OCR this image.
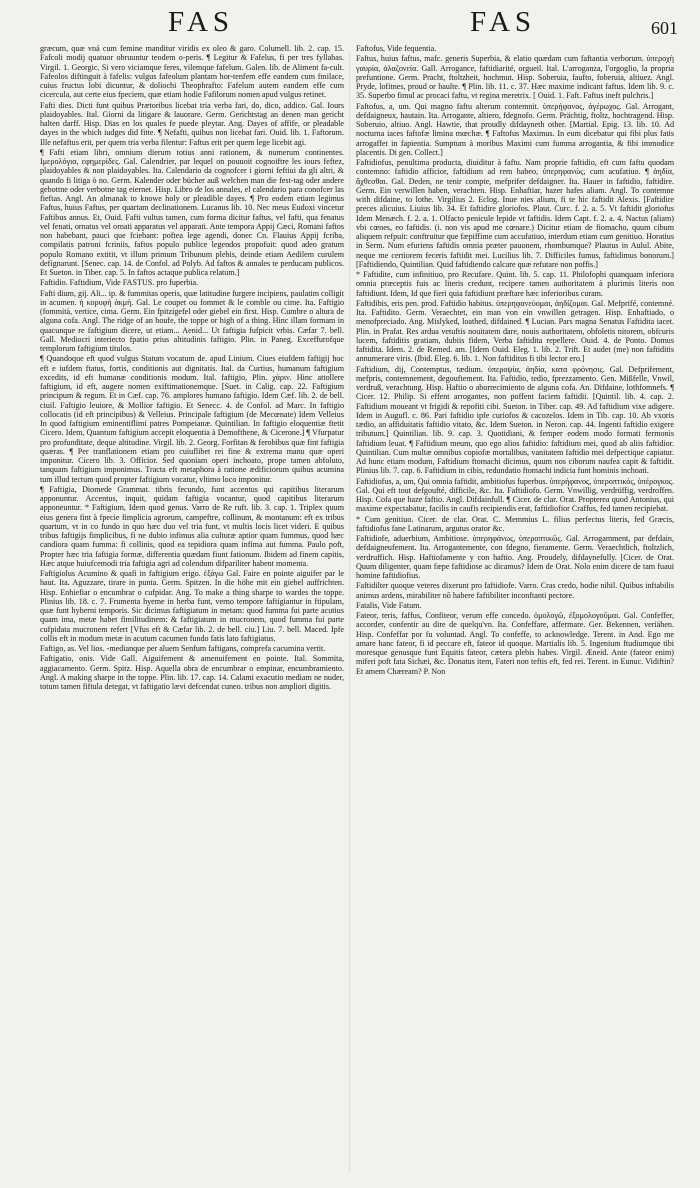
FAS	FAS	601

græcum, quæ vná cum femine manditur viridis ex oleo & garo. Columell. lib. 2. cap. 15. Fafcoli modij quatuor obruuntur teodem o-peris. ¶ Legitur & Fafelus, fi per tres fyllabas. Virgil. 1. Georgic. Si vero viciamque feres, vilemque fafelum. Galen. lib. de Aliment fa-cult. Fafeolos diftinguit à fafelis: vulgus fafeolum plantam hor-tenfem effe eandem cum fmilace, cuius fructus lobi dicuntur, & doliochi Theophrafto: Fafelum autem eandem effe cum cicercula, aut certe eius fpeciem, quæ etiam hodie Fafilorum nomen apud vulgus retinet.

Fafti dies. Dicti funt quibus Prætoribus licebat tria verba fari, do, dico, addico. Gal. Iours plaidoyables. Ital. Giorni da litigare & lauorare. Germ. Gerichtstag an denen man gericht halten darff. Hisp. Dias en los quales fe puede pleytar. Ang. Dayes of affife, or pleadable dayes in the which iudges did fitte. ¶ Nefafti, quibus non licebat fari. Ouid. lib. 1. Faftorum. Ille nefaftus erit, per quem tria verba filentur: Faftus erit per quem lege licebit agi.

¶ Fafti etiam libri, omnium dierum totius anni rationem, & numerum continentes. Ιμερολόγια, εφημερίδες. Gal. Calendrier, par lequel on pouuoit cognoiftre les iours feftez, plaidoyables & non plaidoyables. Ita. Calendario da cognofcer i giorni feftiui da gli altri, & quando fi litiga ò no. Germ. Kalender oder bücher auß welchen man die fest-tag oder andere gebottne oder verbotne tag eiernet. Hisp. Libro de los annales, el calendario para conofcer las fieftas. Angl. An almanak to knowe holy or pleadible dayes. ¶ Pro eodem etiam legimus Faftus, huius Faftus, per quartam declinationem. Lucanus lib. 10. Nec meus Eudoxi vincetur Faftibus annus. Et, Ouid. Fafti vultus tamen, cum forma dicitur faftus, vel fafti, qua fenatus vel fenati, ornatus vel ornati apparatus vel apparati. Ante tempora Appij Cæci, Romani faftos non habebant, pauci que fciebant: poftea lege agendi, donec Cn. Flauius Appij fcriba, compilatis patroni fcriniis, faftos populo publice legendos propofuit: quod adeo gratum populo Romano extitit, vt illum primum Tribunum plebis, deinde etiam Aedilem curulem defignarunt. [Senec. cap. 14. de Confol. ad Polyb. Ad faftos & annales te perducam publicos. Et Sueton. in Tiber. cap. 5. In faftos actaque publica relatum.]

Faftidio. Faftidium, Vide FASTUS. pro fuperbia.

Fafti dium, gij. Ali... ip. & fummitas operis, quæ latitudine furgere incipiens, paulatim colligit in acumen. ἡ κορυφὴ ἀκμὴ. Gal. Le coupet ou fommet & le comble ou cime. Ita. Faftigio (fommità, vertice, cima. Germ. Ein fpitzigefel oder giebel ein first. Hisp. Cumbre o altura de alguna cofa. Angl. The ridge of an houfe, the toppe or high of a thing. Hinc illam formam in quacunque re faftigium dicere, ut etiam... Aenid... Ut faftigia fufpicit vrbis. Cæfar 7. bell. Gall. Mediocri interiecto fpatio prius altitudinis faftigio. Plin. in Paneg. Exceffurofque templorum faftigium titulos.

¶ Quandoque eft quod vulgus Statum vocatum de. apud Linium. Ciues eiufdem faftigij hoc eft e iufdem ftatus, fortis, conditionis aut dignitatis. Ital. da Curtius, humanum faftigium excedits, id eft humanæ conditionis modum. Ital. faftigio, Plin. χάριν. Hinc attollere faftigium, id eft, augere nomen exiftimationemque. [Suet. in Calig. cap. 22. Faftigium principum & regum. Et in Cæf. cap. 76. amplores humano faftigio. Idem Cæf. lib. 2. de bell. ciuil. Faftigio leuiore, & Mollior faftigio. Et Senecc. 4. de Confol. ad Marc. In faftigio collocatis (id eft principibus) & Velleius. Principale faftigium (de Mecœnate) Idem Velleius In quod faftigium eminentiflimi patres Pompeianæ. Quintilian. In faftigio eloquentiæ ftetit Cicero. Idem, Quantum faftigium accepit eloquentia à Demofthene, & Cicerone.] ¶ Vfurpatur pro profunditate, deque altitudine. Virgil. lib. 2. Georg. Forfitan & ferobibus quæ fint faftigia quæras. ¶ Per tranflationem etiam pro cuiuflibet rei fine & extrema manu quæ operi imponitur. Cicero lib. 3. Officior. Sed quoniam operi inchoato, prope tamen abfoluto, tanquam faftigium imponimus. Tracta eft metaphora à ratione ædificiorum quibus acumina tum illud tectum quod propter faftigium vocatur, vltimo loco imponitur.

¶ Faftigia, Diomede Grammat. tibris fecundo, funt accentus qui capitibus literarum apponuntur. Accentus, inquit, quidam faftigia vocantur, quod capitibus literarum apponeuntur. * Faftigium, Idem quod genus. Varro de Re ruft. lib. 3. cap. 1. Triplex quum eius genera fint à fpecie fimplicia agrorum, campeftre, collinum, & montanum: eft ex tribus quartum, vt in co fundo in quo hæc duo vel tria funt, vt multis locis licet videri. E quibus tribus faftigijs fimplicibus, fi ne dubio infimus alia culturæ aptior quam fummus, quod hæc candiora quam fumma: fi collinis, quod ea tepidiora quam infima aut fumma. Paulo poft, Propter hæc tria faftigia formæ, differentia quædam fiunt fationum. Ibidem ad finem capitis, Hæc atque huiufcemodi tria faftigia agri ad colendum difpariliter habent momenta.

Faftigiolus Acumino & quafi in faftigium erigo. ἐξάγω Gal. Faire en pointe aiguifer par le haut. Ita. Aguzzare, tirare in punta. Germ. Spitzen. In die höhe mit ein giebel auffrichten. Hisp. Enhiefiar o encumbrar o cufpidar. Ang. To make a thing sharpe to wardes the toppe. Plinius lib. 18. c. 7. Frumenta hyeme in herba funt, verno tempore faftigiantur in ftipulam, quæ funt hyberni temporis. Sic dicimus faftigiatum in metam: quod fumma fui parte acutius quam ima, metæ habet fimilitudinem: & faftigiatum in mucronem, quod fumma fui parte cufpidata mucronem refert [Vfus eft & Cæfar lib. 2. de bell. ciu.] Liu. 7. bell. Maced. Ipfe collis eft in modum metæ in acutum cacumen fundo fatis lato faftigiatus.

Faftigo, as. Vel lios. -medianque per aluem Senfum faftigans, comprefa cacumina vertit.

Faftigatio, onis. Vide Gall. Aiguifement & amenuifement en pointe. Ital. Sommita, aggiacamento. Germ. Spitz. Hisp. Aquella obra de encumbrar o empinar, encumbramiento. Angl. A making sharpe in the toppe. Plin. lib. 17. cap. 14. Calami exacutio mediam ne nuder, totum tamen fiftula detegat, vt faftigatio lævi defcendat cuneo. tribus non ampliori digitis.

Faftofus, Vide fequentia.

Faftus, huius faftus, mafc. generis Superbia, & elatio quædam cum faftantia verborum. ὑπεροχὴ γαυρία, ἀλαζονεία. Gall. Arrogance, faftidiarité, orgueil. Ital. L'arroganza, l'orgoglio, la propria prefuntione. Germ. Pracht, ftoltzheit, hochmut. Hisp. Soberuia, faufto, foberuia, altiuez. Angl. Pryde, lofitnes, proud or haulte. ¶ Plin. lib. 11. c. 37. Hæc maxime indicant faftus. Idem lib. 9. c. 35. Superbo fimul ac procaci faftu, vt regina meretrix. [ Ouid. 1. Faft. Faftus ineft pulchris.]

Faftofus, a, um. Qui magno faftu alterum contemnit. ὑπερήφανος, ἀγέρωχος. Gal. Arrogant, defdaigneux, hautain. Ita. Arrogante, altiero, fdegnofo. Germ. Prächtig, ftoltz, hochtragend. Hisp. Soberuio, altiuo. Angl. Hawtie, that proudly difdayneth other. [Martial. Epig. 13. lib. 10. Ad nocturna iaces faftofæ limina mœchæ. ¶ Faftofus Maximus. In eum dicebatur qui fibi plus fatis arrogaffet in fapientia. Sumptum à moribus Maximi cum fumma arrogantia, & fibi immodice placentis. Di gen. Collect.]

Faftidiofus, penultima producta, diuiditur à faftu. Nam proprie faftidio, eft cum faftu quodam contemno: faftidio afficior, faftidium ad rem habeo, ὑπερηφανώς, cum acufatiuo. ¶ ἀηδία, ἄχθεσθαι. Gal. Deden, ne tenir compte, mefprifer defdaigner. Ita. Hauer in faftidio, faftidire. Germ. Ein verwillen haben, verachten. Hisp. Enhaftiar, hazer hafes aliam. Angl. To contemne with difdaine, to lothe. Virgilius 2. Eclog. Inue nies alium, fi te hic faftidit Alexis. [Faftidire preces alicuius. Liuius lib. 34. Et faftidire gloriofos. Plaut. Curc. f. 2. a. 5. Vt faftidit gloriofus Idem Menæch. f. 2. a. 1. Olfacto penicule lepide vt faftidis. Idem Capt. f. 2. a. 4. Nactus (aliam) vbi cœnes, eo faftidis. (i. non vis apud me cœnare.) Dicitur etiam de fiomacho, quum cibum aliquem refpuit: conftruitur que fæpiffime cum accufatiuo, interdum etiam cum genitiuo. Horatius in Serm. Num efuriens faftidis omnia præter pauonem, rhombumque? Plautus in Aulul. Abite, neque me certiorem feceris faftidit mei. Lucilius lib. 7. Difficiles fumus, faftidimus bonorum.] [Faftidiendo, Quintilian. Quid faftidiendo calcare quæ refutare non poffis.]

* Faftidite, cum infinitiuo, pro Recufare. Quint. lib. 5. cap. 11. Philofophi quanquam inferiora omnia præceptis fuis ac literis credunt, recipere tamen authoritatem à plurimis literis non faftidiunt. Idem, Id que fieri quia faftidiunt præftare hæc inferioribus curam.

Faftidibis, eris pen. prod. Faftidio habitus. ὑπερηφανεύομαι, ἀηδίζομαι. Gal. Mefprifé, contemné. Ita. Faftidito. Germ. Veraechtet, ein man von ein vnwillen getragen. Hisp. Enhaftiado, o menofpreciado. Ang. Mislyked, loathed, difdained. ¶ Lucian. Pars magna Senatus Faftidita iacet. Plin. in Prafat. Res ardua vetuftis nouitatem dare, nouis authoritatem, obfoletis nitorem, obfcuris lucem, faftiditis gratiam, dubiis fidem, Verba faftidita repellere. Ouid. 4. de Ponto. Domus faftidita. Idem. 2. de Remed. am. [Idem Ouid. Eleg. 1. lib. 2. Trift. Et audet (me) non faftiditis annumerare viris. (Ibid. Eleg. 6. lib. 1. Non faftiditus fi tibi lector ero.]

Faftidium, dij, Contemptus, tædium. ὑπεροψία, ἀηδία, κατα φρόνησις. Gal. Defprifement, mefpris, contemnement, degouftement. Ita. Faftidio, tedio, fprezzamento. Gen. Mißfelle, Vnwil, verdruß, verachtung. Hisp. Haftio o aborrecimiento de alguna cofa. An. Difdaine, lothfomnefs. ¶ Cicer. 12. Philip. Si effent arrogantes, non poffent faciem faftidii. [Quintil. lib. 4. cap. 2. Faftidium moueant vt frigidi & repofiti cibi. Sueton. in Tiber. cap. 49. Ad faftidium vixe adigere. Idem in Augufl. c. 86. Pari faftidio ipfe curiofos & cacozelos. Idem in Tib. cap. 10. Ab vxoris tædio, an affiduitatis faftidio vitato, &c. Idem Sueton. in Neron. cap. 44. Ingenti faftidio exigere tributum.] Quintilian. lib. 9. cap. 3. Quotidiani, & femper eodem modo formati fermonis faftidium leuat. ¶ Faftidium meum, quo ego alios faftidio: faftidium mei, quod ab aliis faftidior. Quintilian. Cum multæ omnibus copiofæ mortalibus, vanitatem faftidio mei defpectique capiatur. Ad hunc etiam modum, Faftidium ftomachi dicimus, quum nos ciborum naufea capit & faftidit. Plinius lib. 7. cap. 6. Faftidium in cibis, redundatio ftomachi indicia funt hominis inchoati.

Faftidiofus, a, um, Qui omnia faftidit, ambitiofus fuperbus. ὑπερήφανος, ὑπεροπτικός, ὑπέρογκος. Gal. Qui eft tout defgoufté, difficile, &c. Ita. Faftidiofo. Germ. Vnwillig, verdrüffig, verdroffen. Hisp. Cofa que haze faftio. Angl. Difdainfull. ¶ Cicer. de clar. Orat. Propterea quod Antonius, qui maxime expectabatur, facilis in caufis recipiendis erat, faftidiofior Craffus, fed tamen recipiebat.

* Cum genitiuo. Cicer. de clar. Orat. C. Memmius L. filius perfectus literis, fed Græcis, faftidiofus fane Latinarum, argutus orator &c.

Faftidiofe, aduerbium, Ambitiose. ὑπερηφάνως, ὑπεροπτικῶς. Gal. Arrogamment, par defdain, defdaigneufement. Ita. Arrogantemente, con fdegno, fieramente. Germ. Veraechtlich, ftoltzlich, verdruffich. Hisp. Haftiofamente y con haftio. Ang. Proudely, difdaynefully. [Cicer. de Orat. Quum diligenter, quam fæpe faftidiose ac dicamus? Idem de Orat. Nolo enim dicere de tam fuaui homine faftidiofius.

Faftidilter quoque veteres dixerunt pro faftidiofe. Varro. Cras credo, hodie nihil. Quibus inftabilis animus ardens, mirabiliter nō habere faftibiliter inconftanti pectore.

Fatalis, Vide Fatum.

Fateor, teris, faffus, Confiteor, verum effe concedo. ὁμολογῶ, ἐξομολογοῦμαι. Gal. Confeffer, accorder, confentir au dire de quelqu'vn. Ita. Confeffare, affermare. Ger. Bekennen, veriähen. Hisp. Confeffar por fu voluntad. Angl. To confeffe, to acknowledge. Terent. in And. Ego me amare hanc fateor, fi id peccare eft, fateor id quoque. Martialis lib. 5. Ingenium ftudiumque tibi moresque genusque funt Equitis fateor, cætera plebis habes. Virgil. Æneid. Ante (fateor enim) miferi poft fata Sichæi, &c. Donatus item, Fateri non teftis eft, fed rei. Terent. in Eunuc. Vidiftin? Et amem Chæream? P. Non
